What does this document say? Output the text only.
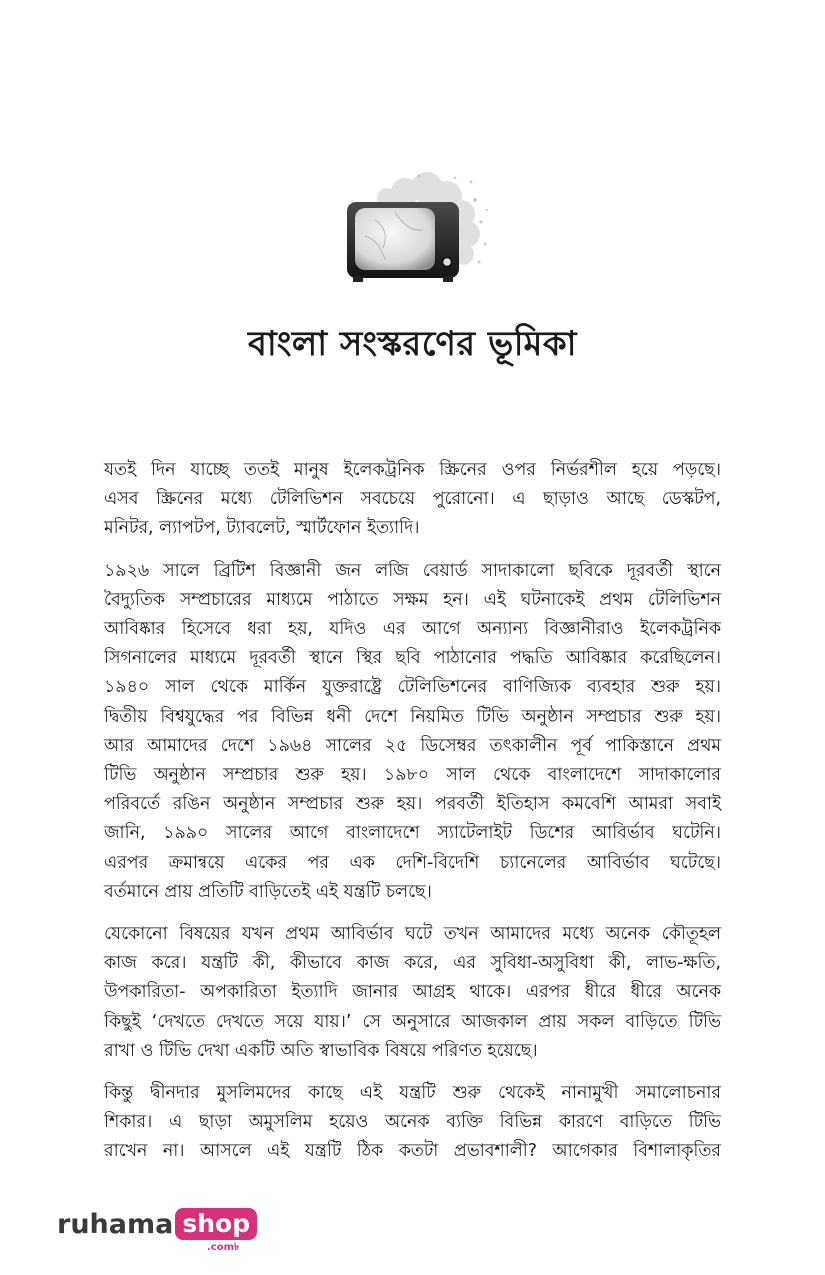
বাংলা সংস্করণের ভূমিকা

যতই দিন যাচ্ছে ততই মানুষ ইলেকট্রনিক স্ক্রিনের ওপর নির্ভরশীল হয়ে পড়ছে।
এসব স্ক্রিনের মধ্যে টেলিভিশন সবচেয়ে পুরোনো। এ ছাড়াও আছে ডেস্কটপ,
মনিটর, ল্যাপটপ, ট্যাবলেট, স্মার্টফোন ইত্যাদি।

১৯২৬ সালে ব্রিটিশ বিজ্ঞানী জন লজি বেয়ার্ড সাদাকালো ছবিকে দূরবর্তী স্থানে
বৈদ্যুতিক সম্প্রচারের মাধ্যমে পাঠাতে সক্ষম হন। এই ঘটনাকেই প্রথম টেলিভিশন
আবিষ্কার হিসেবে ধরা হয়, যদিও এর আগে অন্যান্য বিজ্ঞানীরাও ইলেকট্রনিক
সিগনালের মাধ্যমে দূরবর্তী স্থানে স্থির ছবি পাঠানোর পদ্ধতি আবিষ্কার করেছিলেন।
১৯৪০ সাল থেকে মার্কিন যুক্তরাষ্ট্রে টেলিভিশনের বাণিজ্যিক ব্যবহার শুরু হয়।
দ্বিতীয় বিশ্বযুদ্ধের পর বিভিন্ন ধনী দেশে নিয়মিত টিভি অনুষ্ঠান সম্প্রচার শুরু হয়।
আর আমাদের দেশে ১৯৬৪ সালের ২৫ ডিসেম্বর তৎকালীন পূর্ব পাকিস্তানে প্রথম
টিভি অনুষ্ঠান সম্প্রচার শুরু হয়। ১৯৮০ সাল থেকে বাংলাদেশে সাদাকালোর
পরিবর্তে রঙিন অনুষ্ঠান সম্প্রচার শুরু হয়। পরবর্তী ইতিহাস কমবেশি আমরা সবাই
জানি, ১৯৯০ সালের আগে বাংলাদেশে স্যাটেলাইট ডিশের আবির্ভাব ঘটেনি।
এরপর ক্রমান্বয়ে একের পর এক দেশি-বিদেশি চ্যানেলের আবির্ভাব ঘটেছে।
বর্তমানে প্রায় প্রতিটি বাড়িতেই এই যন্ত্রটি চলছে।

যেকোনো বিষয়ের যখন প্রথম আবির্ভাব ঘটে তখন আমাদের মধ্যে অনেক কৌতূহল
কাজ করে। যন্ত্রটি কী, কীভাবে কাজ করে, এর সুবিধা-অসুবিধা কী, লাভ-ক্ষতি,
উপকারিতা- অপকারিতা ইত্যাদি জানার আগ্রহ থাকে। এরপর ধীরে ধীরে অনেক
কিছুই ‘দেখতে দেখতে সয়ে যায়।’ সে অনুসারে আজকাল প্রায় সকল বাড়িতে টিভি
রাখা ও টিভি দেখা একটি অতি স্বাভাবিক বিষয়ে পরিণত হয়েছে।

কিন্তু দ্বীনদার মুসলিমদের কাছে এই যন্ত্রটি শুরু থেকেই নানামুখী সমালোচনার
শিকার। এ ছাড়া অমুসলিম হয়েও অনেক ব্যক্তি বিভিন্ন কারণে বাড়িতে টিভি
রাখেন না। আসলে এই যন্ত্রটি ঠিক কতটা প্রভাবশালী? আগেকার বিশালাকৃতির

ruhama shop
.com৳
